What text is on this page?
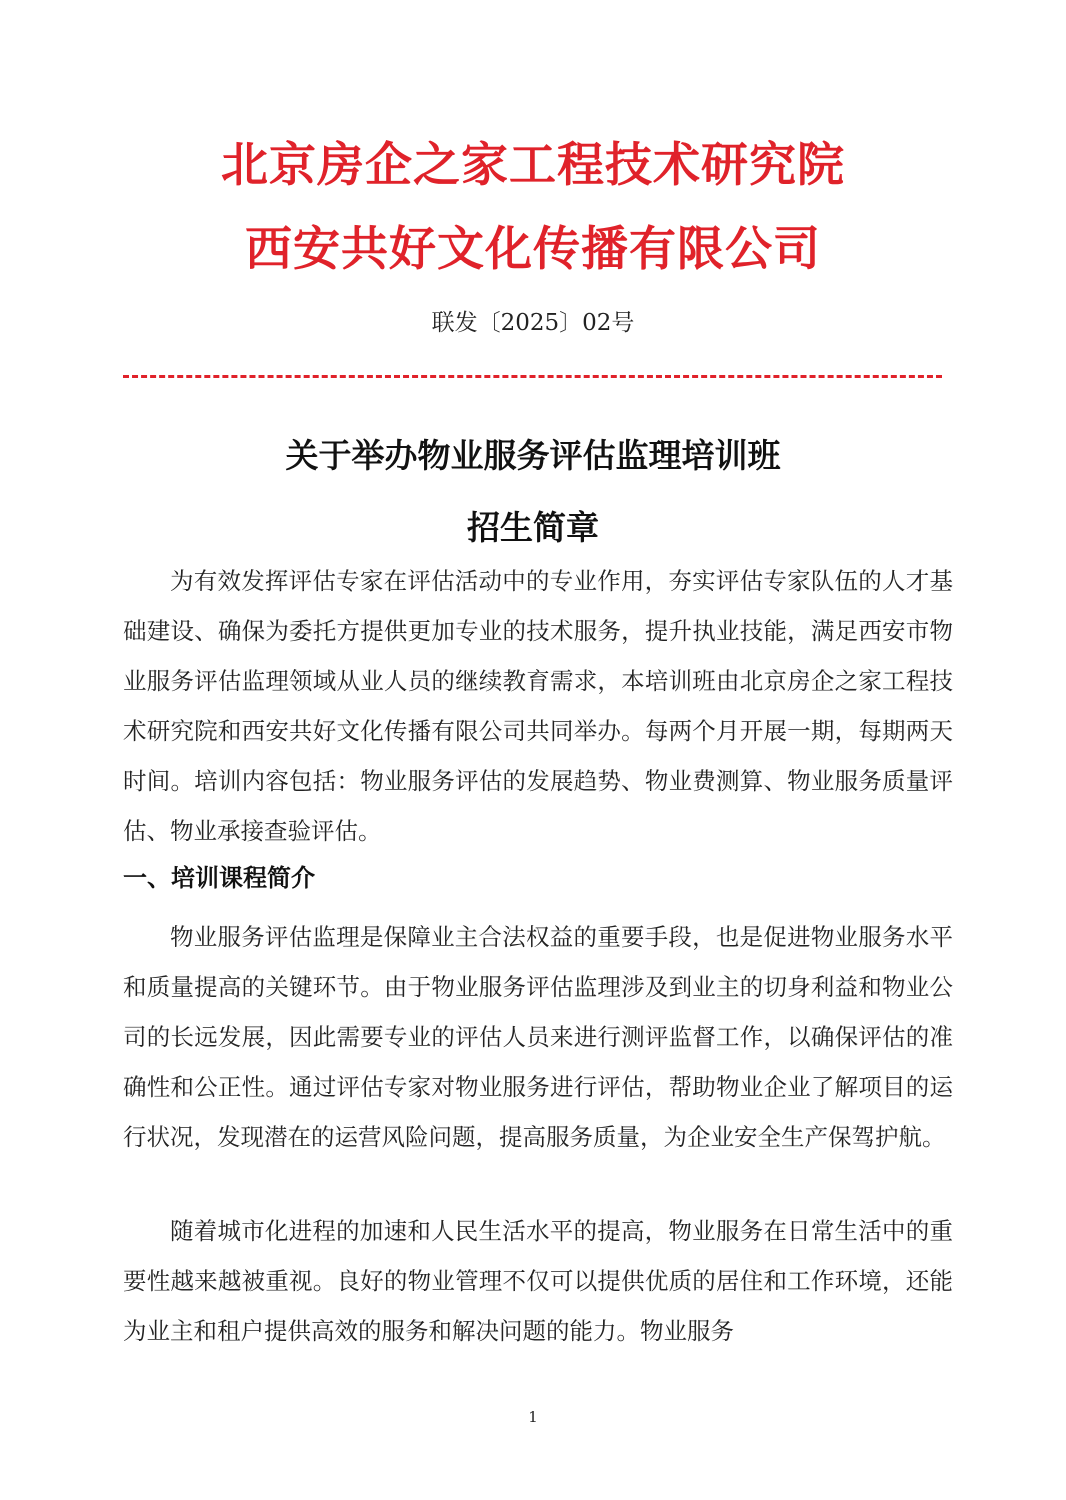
北京房企之家工程技术研究院
西安共好文化传播有限公司
联发〔2025〕02号
关于举办物业服务评估监理培训班
招生简章

为有效发挥评估专家在评估活动中的专业作用，夯实评估专家队伍的人才基础建设、确保为委托方提供更加专业的技术服务，提升执业技能，满足西安市物业服务评估监理领域从业人员的继续教育需求，本培训班由北京房企之家工程技术研究院和西安共好文化传播有限公司共同举办。每两个月开展一期，每期两天时间。培训内容包括：物业服务评估的发展趋势、物业费测算、物业服务质量评估、物业承接查验评估。

一、培训课程简介

物业服务评估监理是保障业主合法权益的重要手段，也是促进物业服务水平和质量提高的关键环节。由于物业服务评估监理涉及到业主的切身利益和物业公司的长远发展，因此需要专业的评估人员来进行测评监督工作，以确保评估的准确性和公正性。通过评估专家对物业服务进行评估，帮助物业企业了解项目的运行状况，发现潜在的运营风险问题，提高服务质量，为企业安全生产保驾护航。

随着城市化进程的加速和人民生活水平的提高，物业服务在日常生活中的重要性越来越被重视。良好的物业管理不仅可以提供优质的居住和工作环境，还能为业主和租户提供高效的服务和解决问题的能力。物业服务

1
